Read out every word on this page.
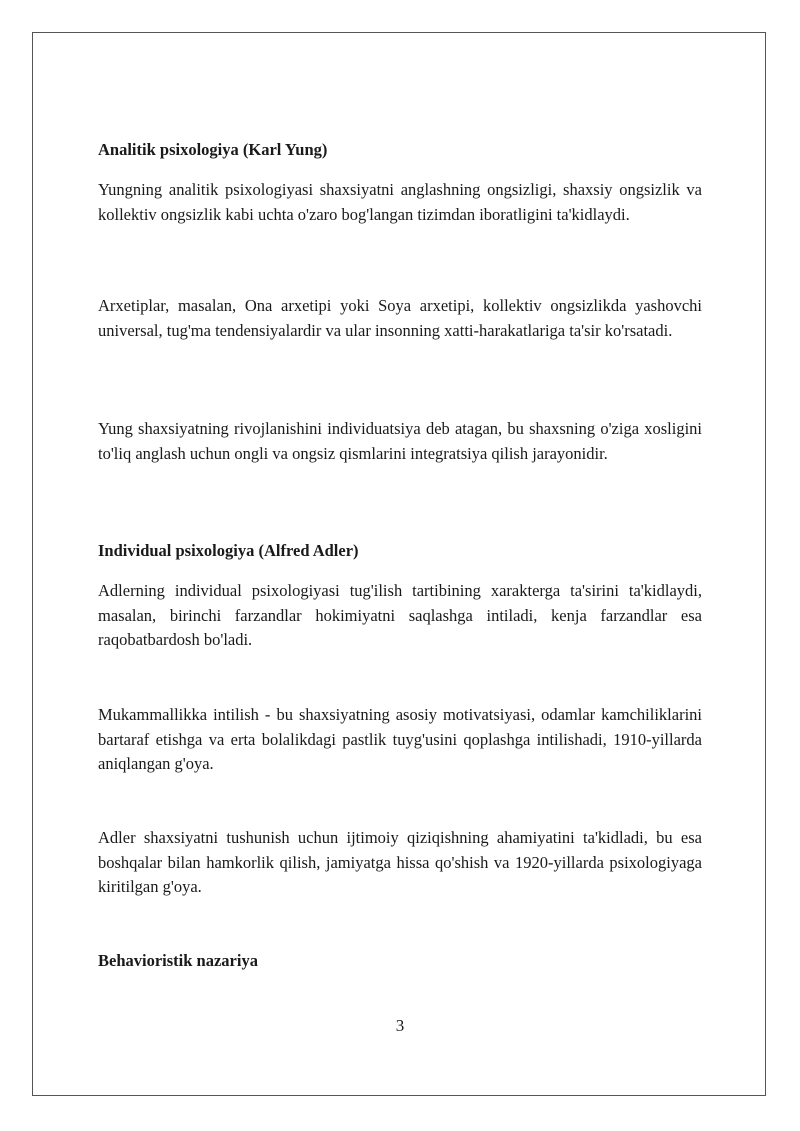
Analitik psixologiya (Karl Yung)

Yungning analitik psixologiyasi shaxsiyatni anglashning ongsizligi, shaxsiy ongsizlik va kollektiv ongsizlik kabi uchta o'zaro bog'langan tizimdan iboratligini ta'kidlaydi.

Arxetiplar, masalan, Ona arxetipi yoki Soya arxetipi, kollektiv ongsizlikda yashovchi universal, tug'ma tendensiyalardir va ular insonning xatti-harakatlariga ta'sir ko'rsatadi.

Yung shaxsiyatning rivojlanishini individuatsiya deb atagan, bu shaxsning o'ziga xosligini to'liq anglash uchun ongli va ongsiz qismlarini integratsiya qilish jarayonidir.

Individual psixologiya (Alfred Adler)

Adlerning individual psixologiyasi tug'ilish tartibining xarakterga ta'sirini ta'kidlaydi, masalan, birinchi farzandlar hokimiyatni saqlashga intiladi, kenja farzandlar esa raqobatbardosh bo'ladi.

Mukammallikka intilish - bu shaxsiyatning asosiy motivatsiyasi, odamlar kamchiliklarini bartaraf etishga va erta bolalikdagi pastlik tuyg'usini qoplashga intilishadi, 1910-yillarda aniqlangan g'oya.

Adler shaxsiyatni tushunish uchun ijtimoiy qiziqishning ahamiyatini ta'kidladi, bu esa boshqalar bilan hamkorlik qilish, jamiyatga hissa qo'shish va 1920-yillarda psixologiyaga kiritilgan g'oya.

Behavioristik nazariya
3
